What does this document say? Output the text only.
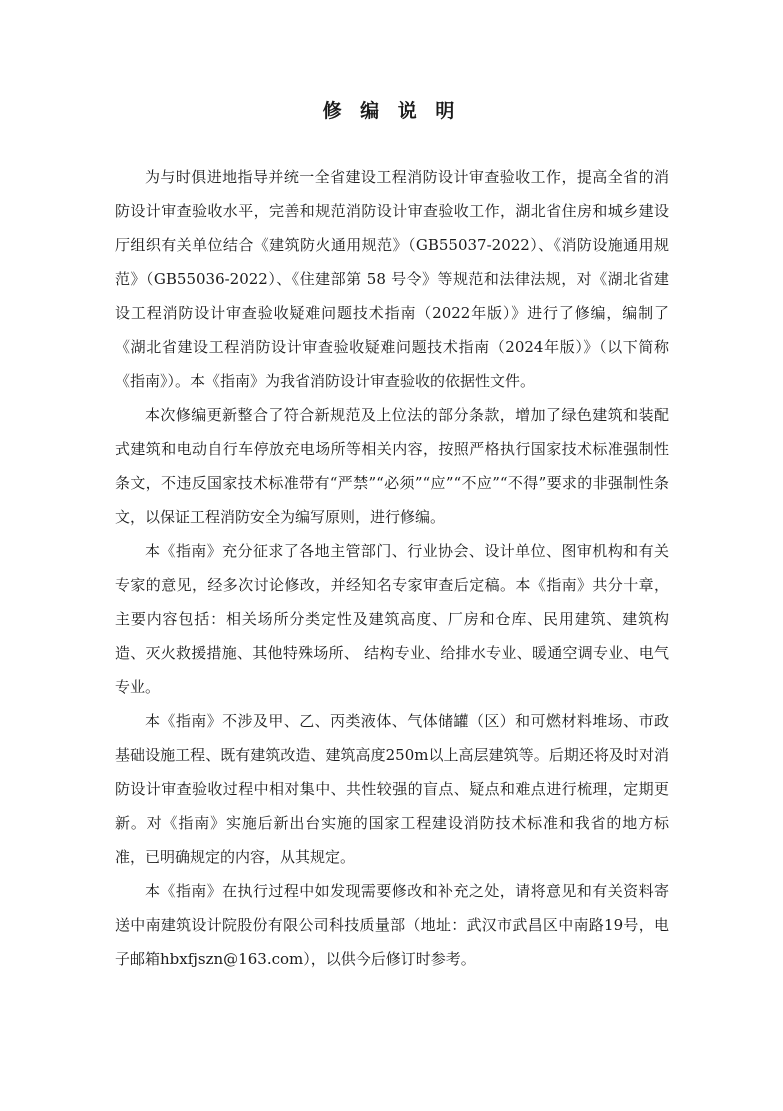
修 编 说 明

为与时俱进地指导并统一全省建设工程消防设计审查验收工作，提高全省的消防设计审查验收水平，完善和规范消防设计审查验收工作，湖北省住房和城乡建设厅组织有关单位结合《建筑防火通用规范》（GB55037-2022）、《消防设施通用规范》（GB55036-2022）、《住建部第 58 号令》等规范和法律法规，对《湖北省建设工程消防设计审查验收疑难问题技术指南（2022年版）》进行了修编，编制了《湖北省建设工程消防设计审查验收疑难问题技术指南（2024年版）》（以下简称《指南》）。本《指南》为我省消防设计审查验收的依据性文件。

本次修编更新整合了符合新规范及上位法的部分条款，增加了绿色建筑和装配式建筑和电动自行车停放充电场所等相关内容，按照严格执行国家技术标准强制性条文，不违反国家技术标准带有“严禁”“必须”“应”“不应”“不得”要求的非强制性条文，以保证工程消防安全为编写原则，进行修编。

本《指南》充分征求了各地主管部门、行业协会、设计单位、图审机构和有关专家的意见，经多次讨论修改，并经知名专家审查后定稿。本《指南》共分十章，主要内容包括：相关场所分类定性及建筑高度、厂房和仓库、民用建筑、建筑构造、灭火救援措施、其他特殊场所、 结构专业、给排水专业、暖通空调专业、电气专业。

本《指南》不涉及甲、乙、丙类液体、气体储罐（区）和可燃材料堆场、市政基础设施工程、既有建筑改造、建筑高度250m以上高层建筑等。后期还将及时对消防设计审查验收过程中相对集中、共性较强的盲点、疑点和难点进行梳理，定期更新。对《指南》实施后新出台实施的国家工程建设消防技术标准和我省的地方标准，已明确规定的内容，从其规定。

本《指南》在执行过程中如发现需要修改和补充之处，请将意见和有关资料寄送中南建筑设计院股份有限公司科技质量部（地址：武汉市武昌区中南路19号，电子邮箱hbxfjszn@163.com），以供今后修订时参考。
